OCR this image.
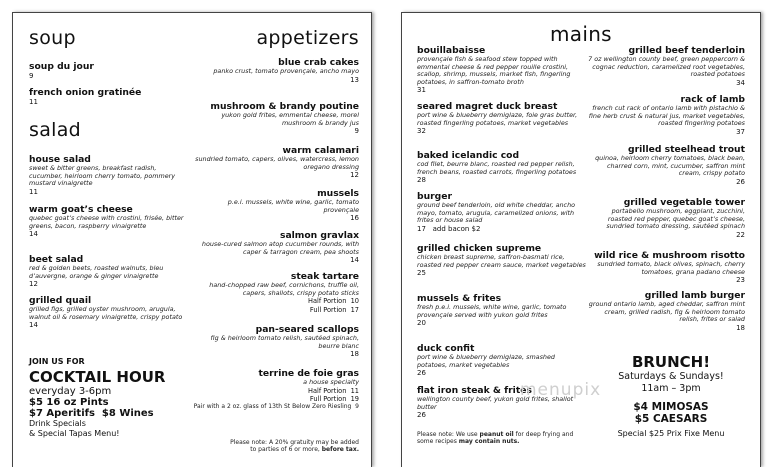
soup
soup du jour
9
french onion gratinée
11
salad
house salad
sweet & bitter greens, breakfast radish, cucumber, heirloom cherry tomato, pommery mustard vinaigrette
11
warm goat’s cheese
quebec goat’s cheese with crostini, frisée, bitter greens, bacon, raspberry vinaigrette
14
beet salad
red & golden beets, roasted walnuts, bleu d’auvergne, orange & ginger vinaigrette
12
grilled quail
grilled figs, grilled oyster mushroom, arugula, walnut oil & rosemary vinaigrette, crispy potato
14
JOIN US FOR
COCKTAIL HOUR
everyday 3-6pm
$5 16 oz Pints
$7 Aperitifs $8 Wines
Drink Specials
& Special Tapas Menu!
appetizers
blue crab cakes
panko crust, tomato provençale, ancho mayo
13
mushroom & brandy poutine
yukon gold frites, emmental cheese, morel mushroom & brandy jus
9
warm calamari
sundried tomato, capers, olives, watercress, lemon oregano dressing
12
mussels
p.e.i. mussels, white wine, garlic, tomato provençale
16
salmon gravlax
house-cured salmon atop cucumber rounds, with caper & tarragon cream, pea shoots
14
steak tartare
hand-chopped raw beef, cornichons, truffle oil, capers, shallots, crispy potato sticks
Half Portion 10
Full Portion 17
pan-seared scallops
fig & heirloom tomato relish, sautéed spinach, beurre blanc
18
terrine de foie gras
a house specialty
Half Portion 11
Full Portion 19
Pair with a 2 oz. glass of 13th St Below Zero Riesling 9
Please note: A 20% gratuity may be added
to parties of 6 or more, before tax.
mains
bouillabaisse
provençale fish & seafood stew topped with emmental cheese & red pepper rouille crostini, scallop, shrimp, mussels, market fish, fingerling potatoes, in saffron-tomato broth
31
seared magret duck breast
port wine & blueberry demiglaze, foie gras butter, roasted fingerling potatoes, market vegetables
32
baked icelandic cod
cod filet, beurre blanc, roasted red pepper relish, french beans, roasted carrots, fingerling potatoes
28
burger
ground beef tenderloin, old white cheddar, ancho mayo, tomato, arugula, caramelized onions, with frites or house salad
17 add bacon $2
grilled chicken supreme
chicken breast supreme, saffron-basmati rice, roasted red pepper cream sauce, market vegetables
25
mussels & frites
fresh p.e.i. mussels, white wine, garlic, tomato provençale served with yukon gold frites
20
duck confit
port wine & blueberry demiglaze, smashed potatoes, market vegetables
26
flat iron steak & frites
wellington county beef, yukon gold frites, shallot butter
26
Please note: We use peanut oil for deep frying and
some recipes may contain nuts.
grilled beef tenderloin
7 oz wellington county beef, green peppercorn & cognac reduction, caramelized root vegetables, roasted potatoes
34
rack of lamb
french cut rack of ontario lamb with pistachio & fine herb crust & natural jus, market vegetables, roasted fingerling potatoes
37
grilled steelhead trout
quinoa, heirloom cherry tomatoes, black bean, charred corn, mint, cucumber, saffron mint cream, crispy potato
26
grilled vegetable tower
portabello mushroom, eggplant, zucchini, roasted red pepper, quebec goat’s cheese, sundried tomato dressing, sautéed spinach
22
wild rice & mushroom risotto
sundried tomato, black olives, spinach, cherry tomatoes, grana padano cheese
23
grilled lamb burger
ground ontario lamb, aged cheddar, saffron mint cream, grilled radish, fig & heirloom tomato relish, frites or salad
18
BRUNCH!
Saturdays & Sundays!
11am – 3pm
$4 MIMOSAS
$5 CAESARS
Special $25 Prix Fixe Menu
menupix
